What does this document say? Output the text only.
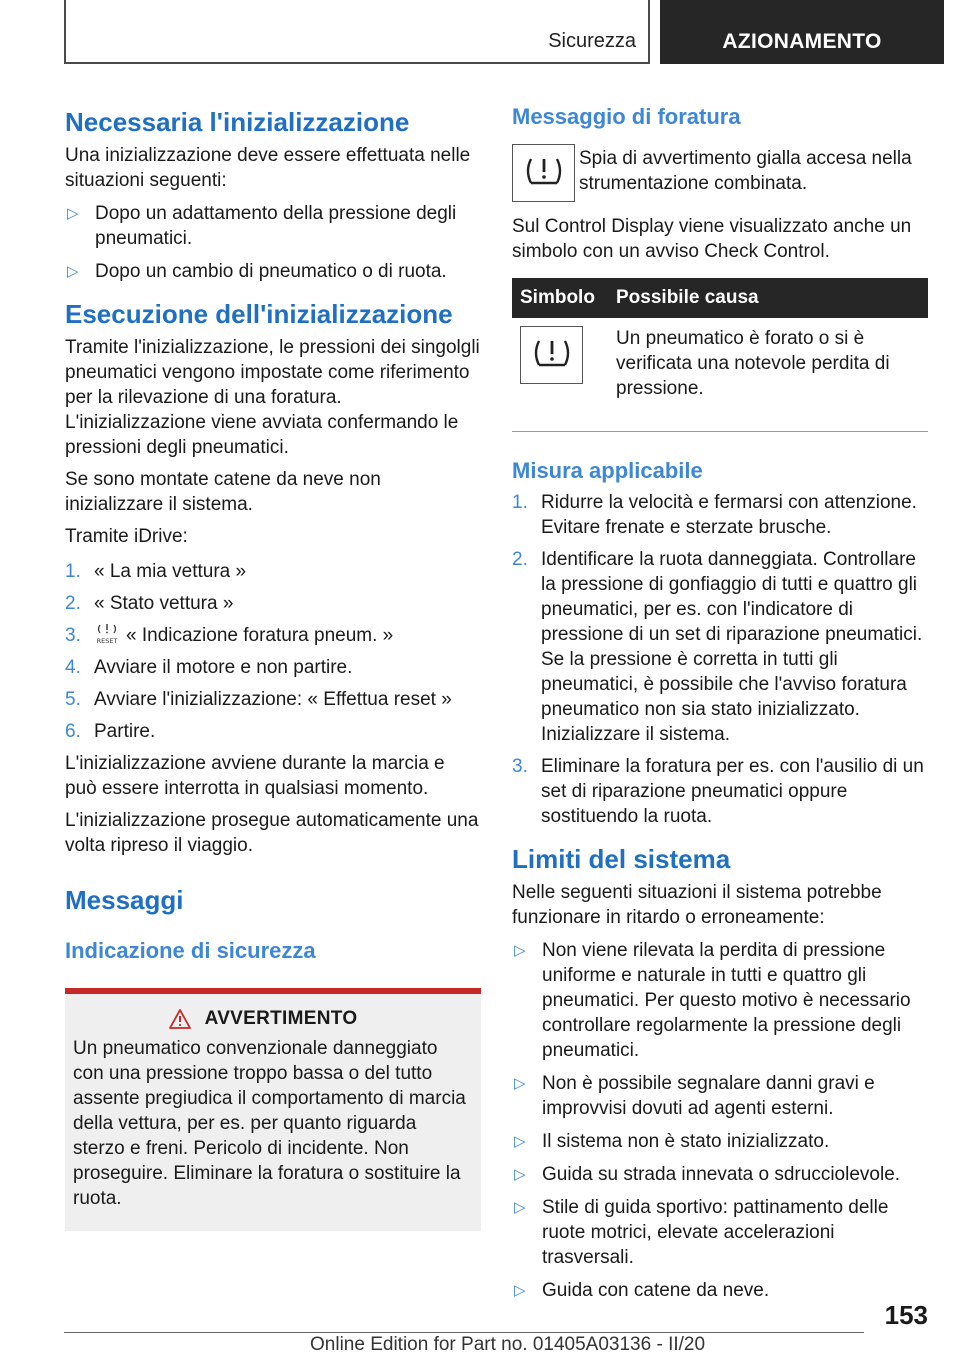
Sicurezza	AZIONAMENTO
Necessaria l'inizializzazione
Una inizializzazione deve essere effettuata nelle situazioni seguenti:
▷ Dopo un adattamento della pressione degli pneumatici.
▷ Dopo un cambio di pneumatico o di ruota.
Esecuzione dell'inizializzazione
Tramite l'inizializzazione, le pressioni dei singolgli pneumatici vengono impostate come riferimento per la rilevazione di una foratura. L'inizializzazione viene avviata confermando le pressioni degli pneumatici.
Se sono montate catene da neve non inizializzare il sistema.
Tramite iDrive:
1. « La mia vettura »
2. « Stato vettura »
3. RESET « Indicazione foratura pneum. »
4. Avviare il motore e non partire.
5. Avviare l'inizializzazione: « Effettua reset »
6. Partire.
L'inizializzazione avviene durante la marcia e può essere interrotta in qualsiasi momento.
L'inizializzazione prosegue automaticamente una volta ripreso il viaggio.
Messaggi
Indicazione di sicurezza
AVVERTIMENTO
Un pneumatico convenzionale danneggiato con una pressione troppo bassa o del tutto assente pregiudica il comportamento di marcia della vettura, per es. per quanto riguarda sterzo e freni. Pericolo di incidente. Non proseguire. Eliminare la foratura o sostituire la ruota.
Messaggio di foratura
Spia di avvertimento gialla accesa nella strumentazione combinata.
Sul Control Display viene visualizzato anche un simbolo con un avviso Check Control.
Simbolo	Possibile causa

	Un pneumatico è forato o si è verificata una notevole perdita di pressione.

Misura applicabile
1. Ridurre la velocità e fermarsi con attenzione. Evitare frenate e sterzate brusche.
2. Identificare la ruota danneggiata. Controllare la pressione di gonfiaggio di tutti e quattro gli pneumatici, per es. con l'indicatore di pressione di un set di riparazione pneumatici. Se la pressione è corretta in tutti gli pneumatici, è possibile che l'avviso foratura pneumatico non sia stato inizializzato. Inizializzare il sistema.
3. Eliminare la foratura per es. con l'ausilio di un set di riparazione pneumatici oppure sostituendo la ruota.
Limiti del sistema
Nelle seguenti situazioni il sistema potrebbe funzionare in ritardo o erroneamente:
▷ Non viene rilevata la perdita di pressione uniforme e naturale in tutti e quattro gli pneumatici. Per questo motivo è necessario controllare regolarmente la pressione degli pneumatici.
▷ Non è possibile segnalare danni gravi e improvvisi dovuti ad agenti esterni.
▷ Il sistema non è stato inizializzato.
▷ Guida su strada innevata o sdrucciolevole.
▷ Stile di guida sportivo: pattinamento delle ruote motrici, elevate accelerazioni trasversali.
▷ Guida con catene da neve.
153
Online Edition for Part no. 01405A03136 - II/20
